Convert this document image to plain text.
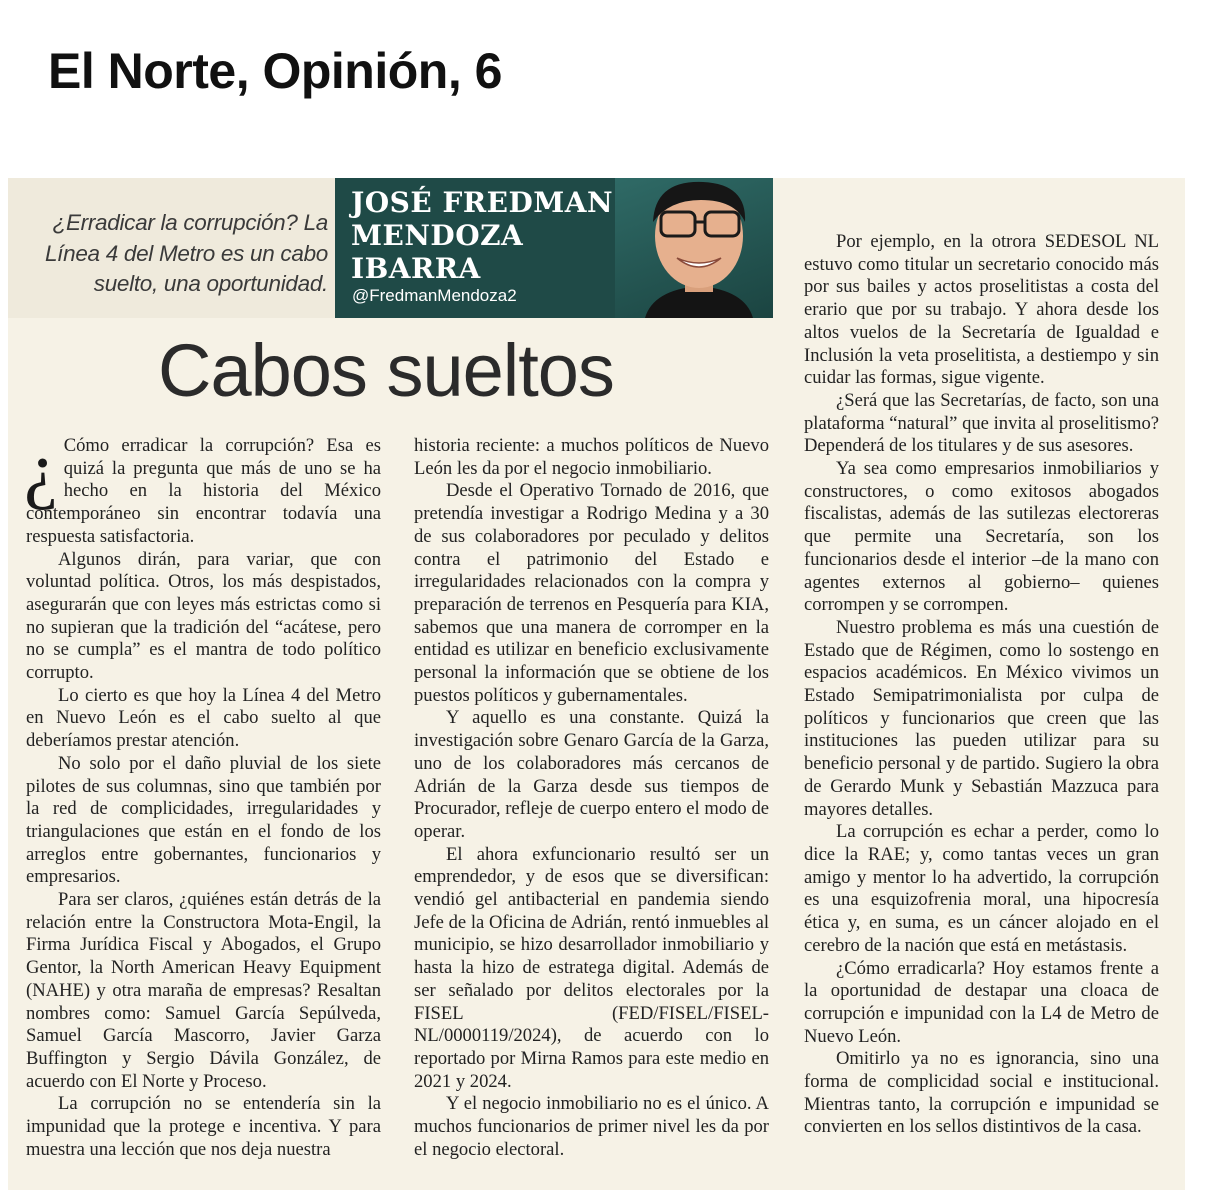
El Norte, Opinión, 6
¿Erradicar la corrupción? La
Línea 4 del Metro es un cabo
suelto, una oportunidad.
JOSÉ FREDMAN
MENDOZA
IBARRA
@FredmanMendoza2
Cabos sueltos

¿ Cómo erradicar la corrupción? Esa es quizá la pregunta que más de uno se ha hecho en la historia del México contemporáneo sin encontrar todavía una respuesta satisfactoria.

Algunos dirán, para variar, que con voluntad política. Otros, los más despistados, asegurarán que con leyes más estrictas como si no supieran que la tradición del “acátese, pero no se cumpla” es el mantra de todo político corrupto.

Lo cierto es que hoy la Línea 4 del Metro en Nuevo León es el cabo suelto al que deberíamos prestar atención.

No solo por el daño pluvial de los siete pilotes de sus columnas, sino que también por la red de complicidades, irregularidades y triangulaciones que están en el fondo de los arreglos entre gobernantes, funcionarios y empresarios.

Para ser claros, ¿quiénes están detrás de la relación entre la Constructora Mota-Engil, la Firma Jurídica Fiscal y Abogados, el Grupo Gentor, la North American Heavy Equipment (NAHE) y otra maraña de empresas? Resaltan nombres como: Samuel García Sepúlveda, Samuel García Mascorro, Javier Garza Buffington y Sergio Dávila González, de acuerdo con El Norte y Proceso.

La corrupción no se entendería sin la impunidad que la protege e incentiva. Y para muestra una lección que nos deja nuestra

historia reciente: a muchos políticos de Nuevo León les da por el negocio inmobiliario.

Desde el Operativo Tornado de 2016, que pretendía investigar a Rodrigo Medina y a 30 de sus colaboradores por peculado y delitos contra el patrimonio del Estado e irregularidades relacionados con la compra y preparación de terrenos en Pesquería para KIA, sabemos que una manera de corromper en la entidad es utilizar en beneficio exclusivamente personal la información que se obtiene de los puestos políticos y gubernamentales.

Y aquello es una constante. Quizá la investigación sobre Genaro García de la Garza, uno de los colaboradores más cercanos de Adrián de la Garza desde sus tiempos de Procurador, refleje de cuerpo entero el modo de operar.

El ahora exfuncionario resultó ser un emprendedor, y de esos que se diversifican: vendió gel antibacterial en pandemia siendo Jefe de la Oficina de Adrián, rentó inmuebles al municipio, se hizo desarrollador inmobiliario y hasta la hizo de estratega digital. Además de ser señalado por delitos electorales por la FISEL (FED/FISEL/FISEL-NL/0000119/2024), de acuerdo con lo reportado por Mirna Ramos para este medio en 2021 y 2024.

Y el negocio inmobiliario no es el único. A muchos funcionarios de primer nivel les da por el negocio electoral.

Por ejemplo, en la otrora SEDESOL NL estuvo como titular un secretario conocido más por sus bailes y actos proselitistas a costa del erario que por su trabajo. Y ahora desde los altos vuelos de la Secretaría de Igualdad e Inclusión la veta proselitista, a destiempo y sin cuidar las formas, sigue vigente.

¿Será que las Secretarías, de facto, son una plataforma “natural” que invita al proselitismo? Dependerá de los titulares y de sus asesores.

Ya sea como empresarios inmobiliarios y constructores, o como exitosos abogados fiscalistas, además de las sutilezas electoreras que permite una Secretaría, son los funcionarios desde el interior –de la mano con agentes externos al gobierno– quienes corrompen y se corrompen.

Nuestro problema es más una cuestión de Estado que de Régimen, como lo sostengo en espacios académicos. En México vivimos un Estado Semipatrimonialista por culpa de políticos y funcionarios que creen que las instituciones las pueden utilizar para su beneficio personal y de partido. Sugiero la obra de Gerardo Munk y Sebastián Mazzuca para mayores detalles.

La corrupción es echar a perder, como lo dice la RAE; y, como tantas veces un gran amigo y mentor lo ha advertido, la corrupción es una esquizofrenia moral, una hipocresía ética y, en suma, es un cáncer alojado en el cerebro de la nación que está en metástasis.

¿Cómo erradicarla? Hoy estamos frente a la oportunidad de destapar una cloaca de corrupción e impunidad con la L4 de Metro de Nuevo León.

Omitirlo ya no es ignorancia, sino una forma de complicidad social e institucional. Mientras tanto, la corrupción e impunidad se convierten en los sellos distintivos de la casa.
